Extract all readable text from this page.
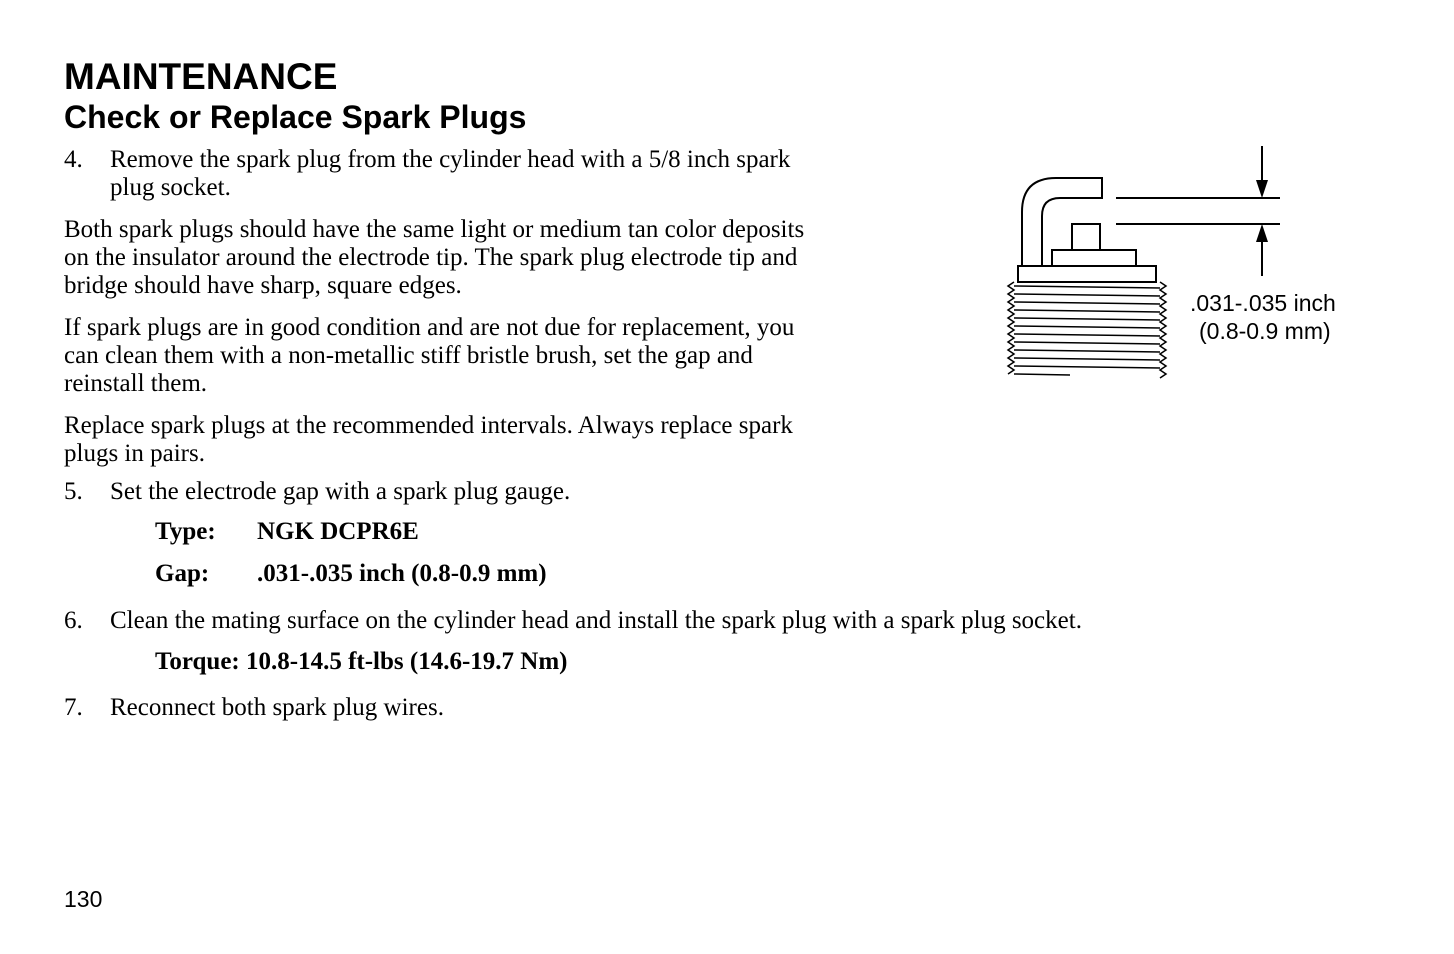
MAINTENANCE
Check or Replace Spark Plugs
4. Remove the spark plug from the cylinder head with a 5/8 inch spark
plug socket.
Both spark plugs should have the same light or medium tan color deposits
on the insulator around the electrode tip. The spark plug electrode tip and
bridge should have sharp, square edges.
If spark plugs are in good condition and are not due for replacement, you
can clean them with a non-metallic stiff bristle brush, set the gap and
reinstall them.
Replace spark plugs at the recommended intervals. Always replace spark
plugs in pairs.
5. Set the electrode gap with a spark plug gauge.
Type: NGK DCPR6E
Gap: .031-.035 inch (0.8-0.9 mm)
6. Clean the mating surface on the cylinder head and install the spark plug with a spark plug socket.
Torque: 10.8-14.5 ft-lbs (14.6-19.7 Nm)
7. Reconnect both spark plug wires.
.031-.035 inch
(0.8-0.9 mm)
130
